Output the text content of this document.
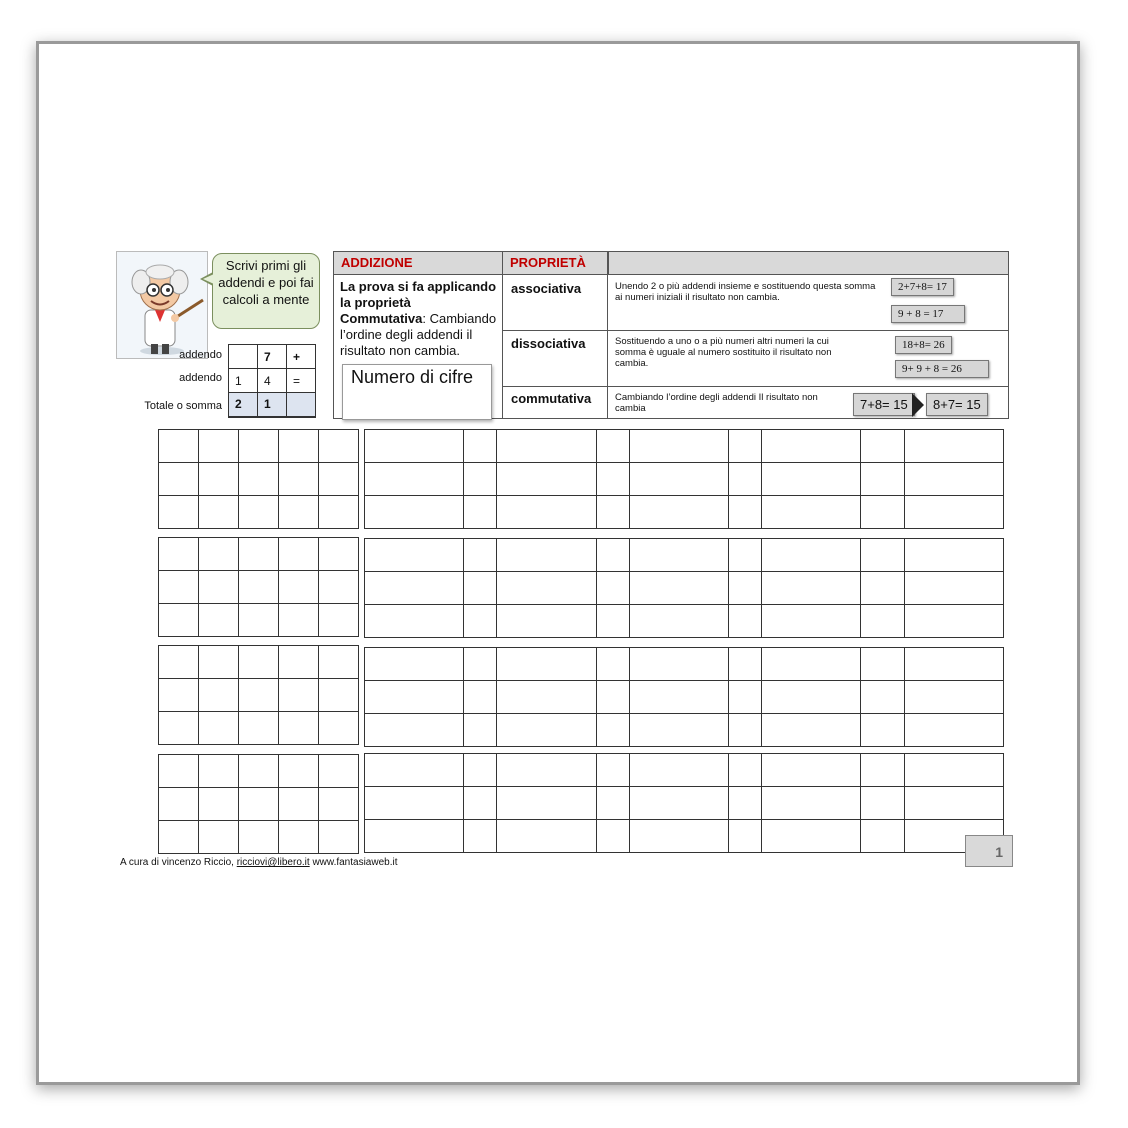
Scrivi primi gli addendi e poi fai calcoli a mente
addendo
addendo
Totale o somma
	7	+
1	4	=
2	1	
ADDIZIONE	PROPRIETÀ
La prova si fa applicando la proprietà Commutativa: Cambiando l’ordine degli addendi il risultato non cambia.
Numero di cifre
associativa	Unendo 2 o più addendi insieme e sostituendo questa somma ai numeri iniziali il risultato non cambia.
2+7+8= 17
9 + 8 = 17
dissociativa	Sostituendo a uno o a più numeri altri numeri la cui somma è uguale al numero sostituito il risultato non cambia.
18+8= 26
9+ 9 + 8 = 26
commutativa	Cambiando l’ordine degli addendi Il risultato non cambia	7+8= 15	8+7= 15

A cura di vincenzo Riccio, ricciovi@libero.it www.fantasiaweb.it
1
